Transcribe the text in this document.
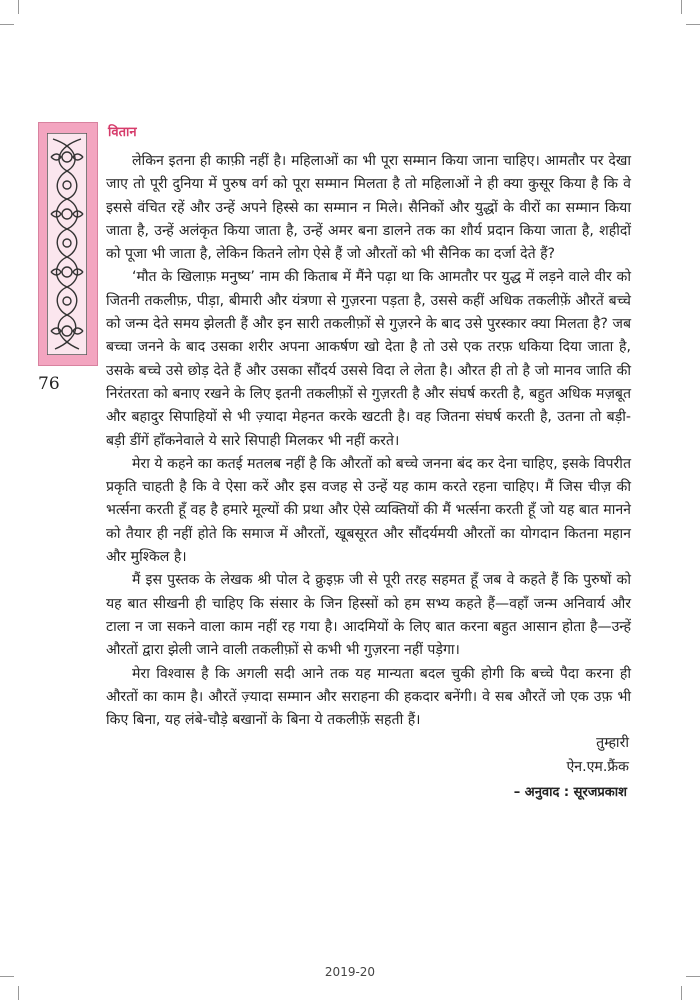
वितान
76

लेकिन इतना ही काफ़ी नहीं है। महिलाओं का भी पूरा सम्मान किया जाना चाहिए। आमतौर पर देखा जाए तो पूरी दुनिया में पुरुष वर्ग को पूरा सम्मान मिलता है तो महिलाओं ने ही क्या कुसूर किया है कि वे इससे वंचित रहें और उन्हें अपने हिस्से का सम्मान न मिले। सैनिकों और युद्धों के वीरों का सम्मान किया जाता है, उन्हें अलंकृत किया जाता है, उन्हें अमर बना डालने तक का शौर्य प्रदान किया जाता है, शहीदों को पूजा भी जाता है, लेकिन कितने लोग ऐसे हैं जो औरतों को भी सैनिक का दर्जा देते हैं?

‘मौत के खिलाफ़ मनुष्य’ नाम की किताब में मैंने पढ़ा था कि आमतौर पर युद्ध में लड़ने वाले वीर को जितनी तकलीफ़, पीड़ा, बीमारी और यंत्रणा से गुज़रना पड़ता है, उससे कहीं अधिक तकलीफ़ें औरतें बच्चे को जन्म देते समय झेलती हैं और इन सारी तकलीफ़ों से गुज़रने के बाद उसे पुरस्कार क्या मिलता है? जब बच्चा जनने के बाद उसका शरीर अपना आकर्षण खो देता है तो उसे एक तरफ़ धकिया दिया जाता है, उसके बच्चे उसे छोड़ देते हैं और उसका सौंदर्य उससे विदा ले लेता है। औरत ही तो है जो मानव जाति की निरंतरता को बनाए रखने के लिए इतनी तकलीफ़ों से गुज़रती है और संघर्ष करती है, बहुत अधिक मज़बूत और बहादुर सिपाहियों से भी ज़्यादा मेहनत करके खटती है। वह जितना संघर्ष करती है, उतना तो बड़ी-बड़ी डींगें हाँकनेवाले ये सारे सिपाही मिलकर भी नहीं करते।

मेरा ये कहने का कतई मतलब नहीं है कि औरतों को बच्चे जनना बंद कर देना चाहिए, इसके विपरीत प्रकृति चाहती है कि वे ऐसा करें और इस वजह से उन्हें यह काम करते रहना चाहिए। मैं जिस चीज़ की भर्त्सना करती हूँ वह है हमारे मूल्यों की प्रथा और ऐसे व्यक्तियों की मैं भर्त्सना करती हूँ जो यह बात मानने को तैयार ही नहीं होते कि समाज में औरतों, खूबसूरत और सौंदर्यमयी औरतों का योगदान कितना महान और मुश्किल है।

मैं इस पुस्तक के लेखक श्री पोल दे क्रुइफ़ जी से पूरी तरह सहमत हूँ जब वे कहते हैं कि पुरुषों को यह बात सीखनी ही चाहिए कि संसार के जिन हिस्सों को हम सभ्य कहते हैं—वहाँ जन्म अनिवार्य और टाला न जा सकने वाला काम नहीं रह गया है। आदमियों के लिए बात करना बहुत आसान होता है—उन्हें औरतों द्वारा झेली जाने वाली तकलीफ़ों से कभी भी गुज़रना नहीं पड़ेगा।

मेरा विश्वास है कि अगली सदी आने तक यह मान्यता बदल चुकी होगी कि बच्चे पैदा करना ही औरतों का काम है। औरतें ज़्यादा सम्मान और सराहना की हकदार बनेंगी। वे सब औरतें जो एक उफ़ भी किए बिना, यह लंबे-चौड़े बखानों के बिना ये तकलीफ़ें सहती हैं।

तुम्हारी

ऐन.एम.फ्रैंक

– अनुवाद : सूरजप्रकाश

2019-20
